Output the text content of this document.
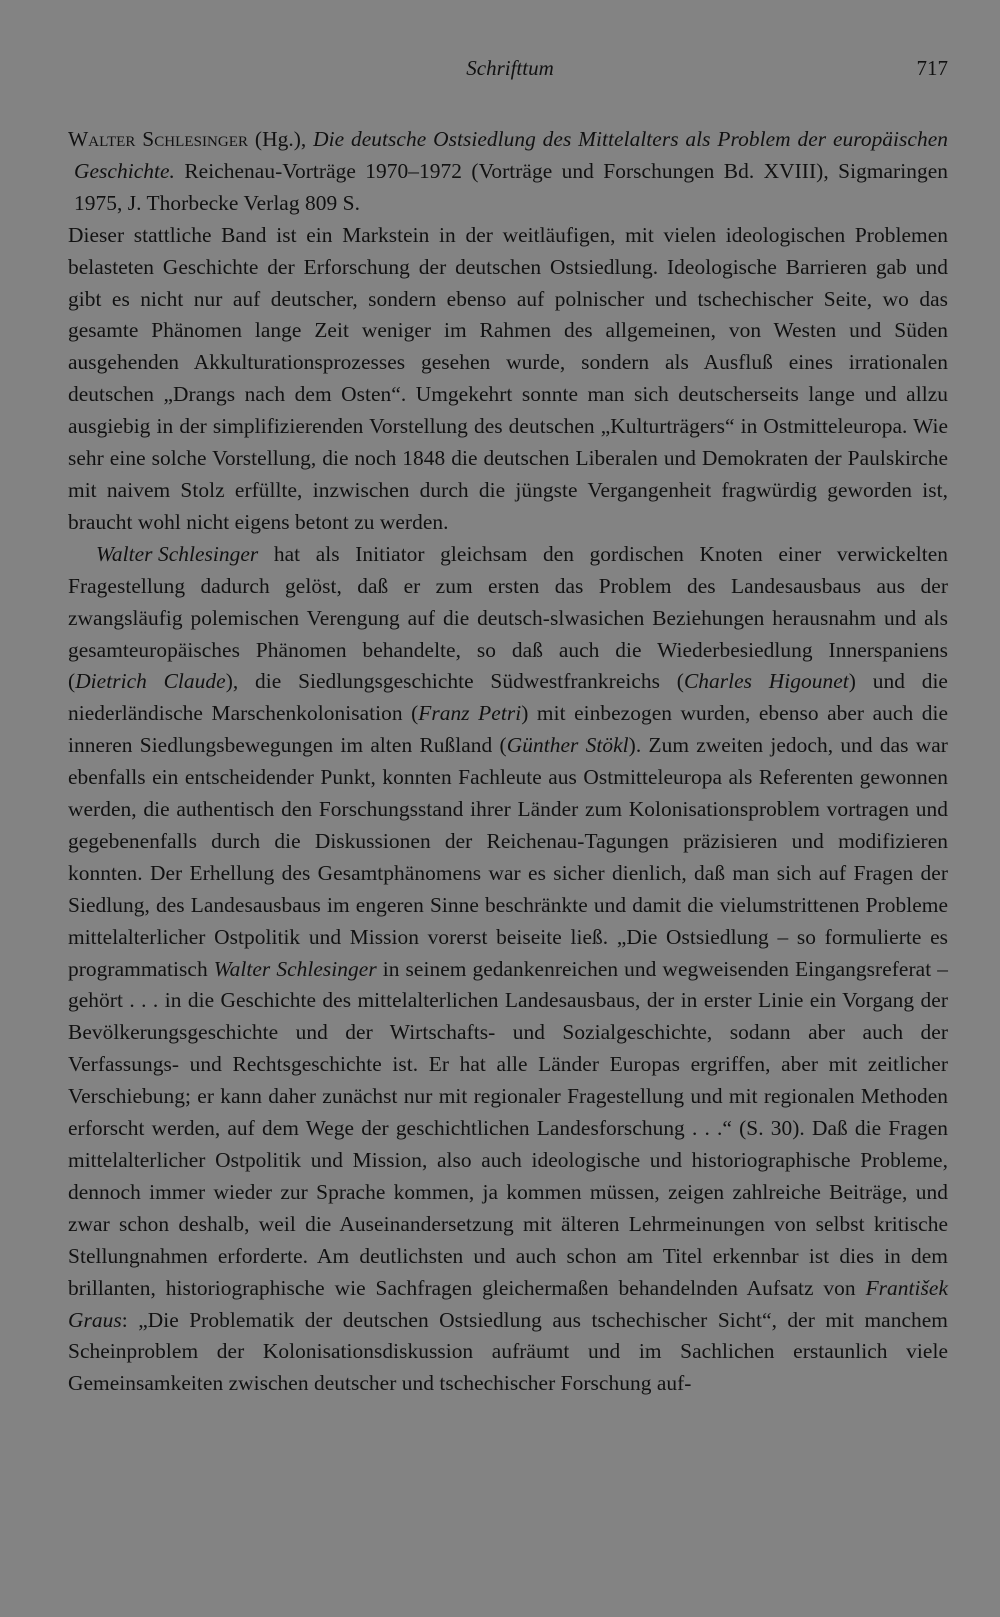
Schrifttum	717

Walter Schlesinger (Hg.), Die deutsche Ostsiedlung des Mittelalters als Problem der europäischen Geschichte. Reichenau-Vorträge 1970–1972 (Vorträge und Forschungen Bd. XVIII), Sigmaringen 1975, J. Thorbecke Verlag 809 S.

Dieser stattliche Band ist ein Markstein in der weitläufigen, mit vielen ideologischen Problemen belasteten Geschichte der Erforschung der deutschen Ostsiedlung. Ideologische Barrieren gab und gibt es nicht nur auf deutscher, sondern ebenso auf polnischer und tschechischer Seite, wo das gesamte Phänomen lange Zeit weniger im Rahmen des allgemeinen, von Westen und Süden ausgehenden Akkulturationsprozesses gesehen wurde, sondern als Ausfluß eines irrationalen deutschen „Drangs nach dem Osten“. Umgekehrt sonnte man sich deutscherseits lange und allzu ausgiebig in der simplifizierenden Vorstellung des deutschen „Kulturträgers“ in Ostmitteleuropa. Wie sehr eine solche Vorstellung, die noch 1848 die deutschen Liberalen und Demokraten der Paulskirche mit naivem Stolz erfüllte, inzwischen durch die jüngste Vergangenheit fragwürdig geworden ist, braucht wohl nicht eigens betont zu werden.

Walter Schlesinger hat als Initiator gleichsam den gordischen Knoten einer verwickelten Fragestellung dadurch gelöst, daß er zum ersten das Problem des Landesausbaus aus der zwangsläufig polemischen Verengung auf die deutsch-slwasichen Beziehungen herausnahm und als gesamteuropäisches Phänomen behandelte, so daß auch die Wiederbesiedlung Innerspaniens (Dietrich Claude), die Siedlungsgeschichte Südwestfrankreichs (Charles Higounet) und die niederländische Marschenkolonisation (Franz Petri) mit einbezogen wurden, ebenso aber auch die inneren Siedlungsbewegungen im alten Rußland (Günther Stökl). Zum zweiten jedoch, und das war ebenfalls ein entscheidender Punkt, konnten Fachleute aus Ostmitteleuropa als Referenten gewonnen werden, die authentisch den Forschungsstand ihrer Länder zum Kolonisationsproblem vortragen und gegebenenfalls durch die Diskussionen der Reichenau-Tagungen präzisieren und modifizieren konnten. Der Erhellung des Gesamtphänomens war es sicher dienlich, daß man sich auf Fragen der Siedlung, des Landesausbaus im engeren Sinne beschränkte und damit die vielumstrittenen Probleme mittelalterlicher Ostpolitik und Mission vorerst beiseite ließ. „Die Ostsiedlung – so formulierte es programmatisch Walter Schlesinger in seinem gedankenreichen und wegweisenden Eingangsreferat – gehört . . . in die Geschichte des mittelalterlichen Landesausbaus, der in erster Linie ein Vorgang der Bevölkerungsgeschichte und der Wirtschafts- und Sozialgeschichte, sodann aber auch der Verfassungs- und Rechtsgeschichte ist. Er hat alle Länder Europas ergriffen, aber mit zeitlicher Verschiebung; er kann daher zunächst nur mit regionaler Fragestellung und mit regionalen Methoden erforscht werden, auf dem Wege der geschichtlichen Landesforschung . . .“ (S. 30). Daß die Fragen mittelalterlicher Ostpolitik und Mission, also auch ideologische und historiographische Probleme, dennoch immer wieder zur Sprache kommen, ja kommen müssen, zeigen zahlreiche Beiträge, und zwar schon deshalb, weil die Auseinandersetzung mit älteren Lehrmeinungen von selbst kritische Stellungnahmen erforderte. Am deutlichsten und auch schon am Titel erkennbar ist dies in dem brillanten, historiographische wie Sachfragen gleichermaßen behandelnden Aufsatz von František Graus: „Die Problematik der deutschen Ostsiedlung aus tschechischer Sicht“, der mit manchem Scheinproblem der Kolonisationsdiskussion aufräumt und im Sachlichen erstaunlich viele Gemeinsamkeiten zwischen deutscher und tschechischer Forschung auf-
